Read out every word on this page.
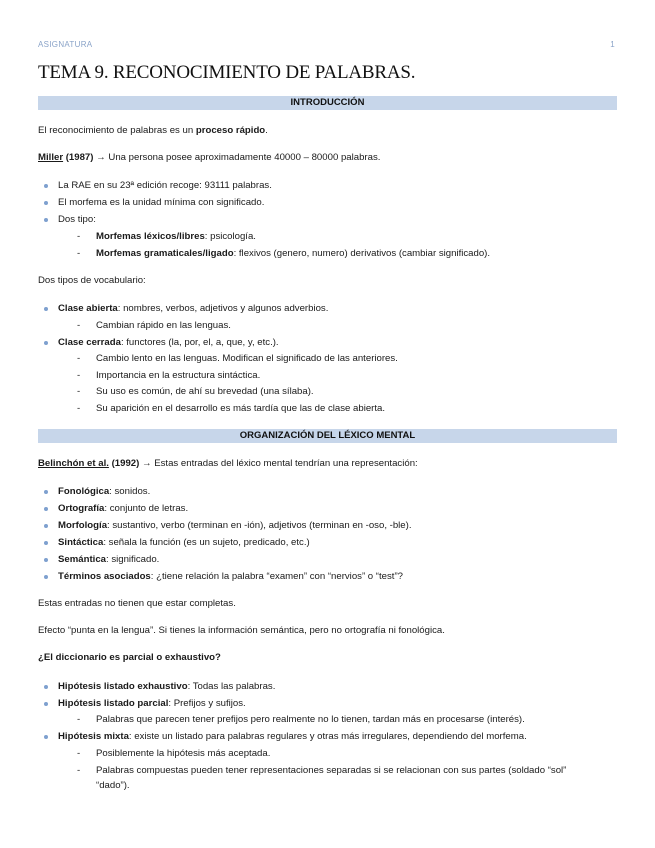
ASIGNATURA	1
TEMA 9. RECONOCIMIENTO DE PALABRAS.
INTRODUCCIÓN
El reconocimiento de palabras es un proceso rápido.
Miller (1987) → Una persona posee aproximadamente 40000 – 80000 palabras.
La RAE en su 23ª edición recoge: 93111 palabras.
El morfema es la unidad mínima con significado.
Dos tipo:
- Morfemas léxicos/libres: psicología.
- Morfemas gramaticales/ligado: flexivos (genero, numero) derivativos (cambiar significado).
Dos tipos de vocabulario:
Clase abierta: nombres, verbos, adjetivos y algunos adverbios.
- Cambian rápido en las lenguas.
Clase cerrada: functores (la, por, el, a, que, y, etc.).
- Cambio lento en las lenguas. Modifican el significado de las anteriores.
- Importancia en la estructura sintáctica.
- Su uso es común, de ahí su brevedad (una sílaba).
- Su aparición en el desarrollo es más tardía que las de clase abierta.
ORGANIZACIÓN DEL LÉXICO MENTAL
Belinchón et al. (1992) → Estas entradas del léxico mental tendrían una representación:
Fonológica: sonidos.
Ortografía: conjunto de letras.
Morfología: sustantivo, verbo (terminan en -ión), adjetivos (terminan en -oso, -ble).
Sintáctica: señala la función (es un sujeto, predicado, etc.)
Semántica: significado.
Términos asociados: ¿tiene relación la palabra “examen” con “nervios” o “test”?
Estas entradas no tienen que estar completas.
Efecto “punta en la lengua”. Si tienes la información semántica, pero no ortografía ni fonológica.
¿El diccionario es parcial o exhaustivo?
Hipótesis listado exhaustivo: Todas las palabras.
Hipótesis listado parcial: Prefijos y sufijos.
- Palabras que parecen tener prefijos pero realmente no lo tienen, tardan más en procesarse (interés).
Hipótesis mixta: existe un listado para palabras regulares y otras más irregulares, dependiendo del morfema.
- Posiblemente la hipótesis más aceptada.
- Palabras compuestas pueden tener representaciones separadas si se relacionan con sus partes (soldado “sol”
“dado”).
